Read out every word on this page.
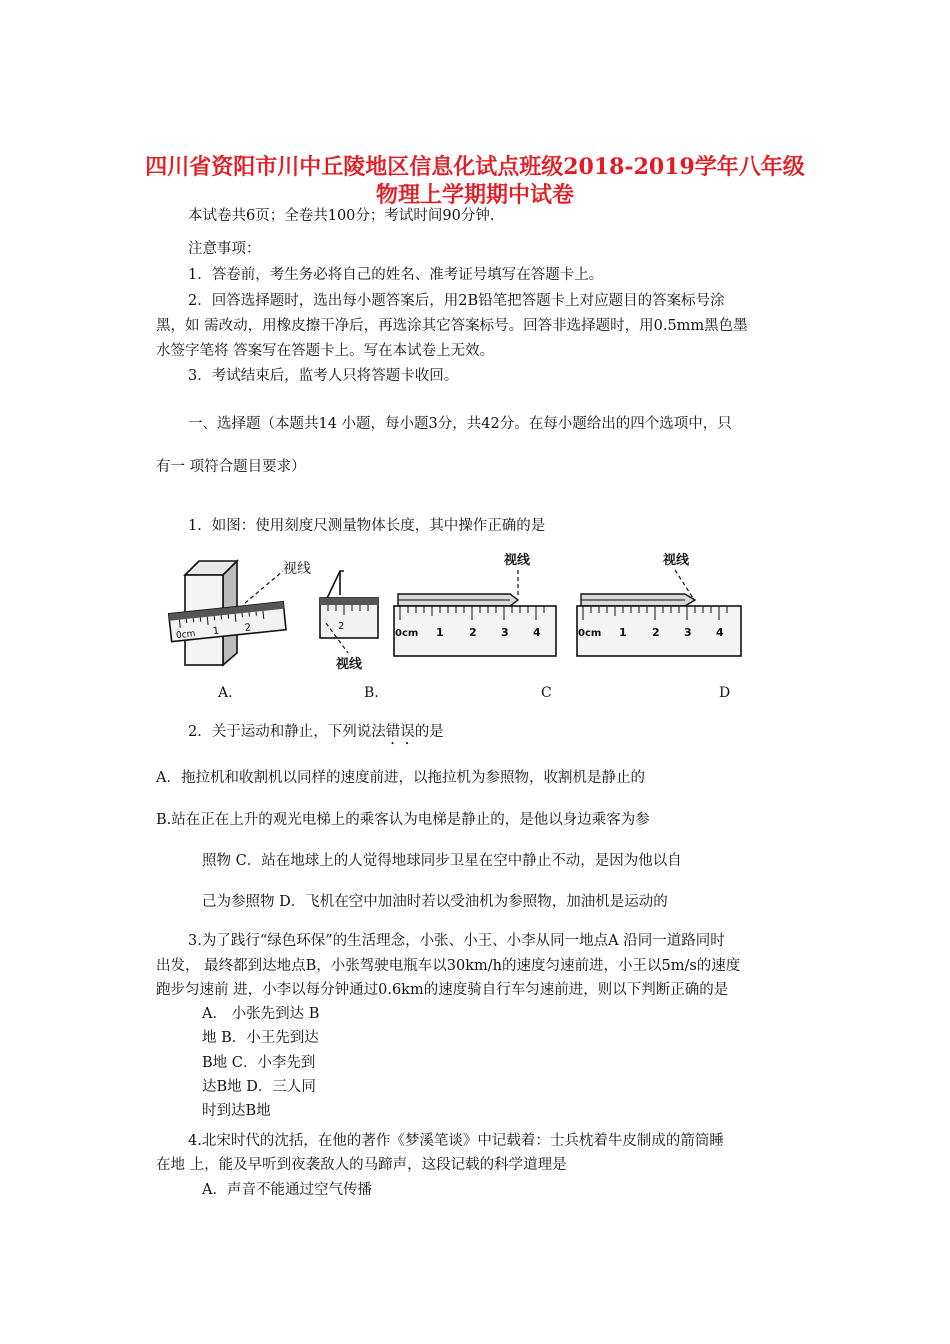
四川省资阳市川中丘陵地区信息化试点班级2018-2019学年八年级
物理上学期期中试卷
本试卷共6页；全卷共100分；考试时间90分钟.
注意事项：
1．答卷前，考生务必将自己的姓名、准考证号填写在答题卡上。
2．回答选择题时，选出每小题答案后，用2B铅笔把答题卡上对应题目的答案标号涂
黑，如 需改动，用橡皮擦干净后，再选涂其它答案标号。回答非选择题时，用0.5mm黑色墨
水签字笔将 答案写在答题卡上。写在本试卷上无效。
3．考试结束后，监考人只将答题卡收回。
一、选择题（本题共14 小题，每小题3分，共42分。在每小题给出的四个选项中，只
有一 项符合题目要求）
1．如图：使用刻度尺测量物体长度，其中操作正确的是
0cm 1 2
视线
2
视线
视线
0cm 1 2 3 4
视线
0cm 1 2 3 4
A.	B.	C	D
2．关于运动和静止，下列说法错误的是
A．拖拉机和收割机以同样的速度前进，以拖拉机为参照物，收割机是静止的
B.站在正在上升的观光电梯上的乘客认为电梯是静止的，是他以身边乘客为参
照物 C．站在地球上的人觉得地球同步卫星在空中静止不动，是因为他以自
己为参照物 D．飞机在空中加油时若以受油机为参照物，加油机是运动的
3.为了践行“绿色环保”的生活理念，小张、小王、小李从同一地点A 沿同一道路同时
出发， 最终都到达地点B，小张驾驶电瓶车以30km/h的速度匀速前进，小王以5m/s的速度
跑步匀速前 进，小李以每分钟通过0.6km的速度骑自行车匀速前进，则以下判断正确的是
A． 小张先到达 B
地 B．小王先到达
B地 C．小李先到
达B地 D．三人同
时到达B地
4.北宋时代的沈括，在他的著作《梦溪笔谈》中记载着：士兵枕着牛皮制成的箭筒睡
在地 上，能及早听到夜袭敌人的马蹄声，这段记载的科学道理是
A．声音不能通过空气传播
